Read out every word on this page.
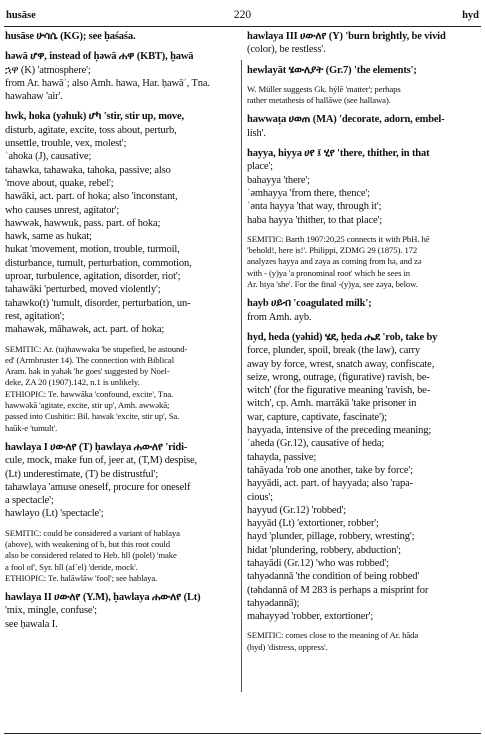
husāse	220	hyd
husāse ሁሳሴ (KG); see ḥaśaśa.
hǝwā ሆዋ, instead of ḥǝwā ሐዋ (KBT), ḫawā
ኋዋ (K) 'atmosphere';
from Ar. hawāʾ; also Amh. hawa, Har. ḥawāʾ, Tna.
hawahaw 'air'.
hwk, hoka (yǝhuk) ሆካ 'stir, stir up, move,
disturb, agitate, excite, toss about, perturb,
unsettle, trouble, vex, molest';
ʾahoka (J), causative;
tahawka, tahawaka, tahoka, passive; also
'move about, quake, rebel';
hawāki, act. part. of hoka; also 'inconstant,
who causes unrest, agitator';
hawwǝk, hawwuk, pass. part. of hoka;
hawk, same as hukat;
hukat 'movement, motion, trouble, turmoil,
disturbance, tumult, perturbation, commotion,
uproar, turbulence, agitation, disorder, riot';
tahawāki 'perturbed, moved violently';
tahawko(t) 'tumult, disorder, perturbation, un-
rest, agitation';
mahawǝk, māhawǝk, act. part. of hoka;
SEMITIC: Ar. (ta)hawwaka 'be stupefied, be astound-
ed' (Armbruster 14). The connection with Biblical
Aram. hǝk in yǝhǝk 'he goes' suggested by Noel-
deke, ZA 20 (1907).142, n.1 is unlikely.
ETHIOPIC: Te. hawwāka 'confound, excite', Tna.
hawwǝkā 'agitate, excite, stir up', Amh. awwǝkā;
passed into Cushitic: Bil. hawak 'excite, stir up', Sa.
haūk-e 'tumult'.
hawlaya I ሀውለየ (T) ḥawlaya ሐውለየ 'ridi-
cule, mock, make fun of, jeer at, (T,M) despise,
(Lt) underestimate, (T) be distrustful';
tahawlaya 'amuse oneself, procure for oneself
a spectacle';
hawlǝyo (Lt) 'spectacle';
SEMITIC: could be considered a variant of hablaya
(above), with weakening of b, but this root could
also be considered related to Heb. hll (polel) 'make
a fool of', Syr. hll (afʿel) 'deride, mock'.
ETHIOPIC: Te. halāwlāw 'fool'; see hablaya.
hawlaya II ሀውለየ (Y.M), ḥawlaya ሐውለየ (Lt)
'mix, mingle, confuse';
see ḥawala I.
hawlaya III ሀውለየ (Y) 'burn brightly, be vivid
(color), be restless'.
hewlayāt ሄውለያት (Gr.7) 'the elements';
W. Müller suggests Gk. hýlē 'matter'; perhaps
rather metathesis of hallāwe (see hallawa).
hawwaṭa ሀወጠ (MA) 'decorate, adorn, embel-
lish'.
hayya, hiyya ሀየ ፤ ሂየ 'there, thither, in that
place';
bahayya 'there';
ʾǝmhayya 'from there, thence';
ʾǝnta hayya 'that way, through it';
haba hayya 'thither, to that place';
SEMITIC: Barth 1907:20,25 connects it with PbH. hē
'behold!, here is!'. Philippi, ZDMG 29 (1875). 172
analyzes hayya and zǝya as coming from hǝ, and zǝ
with - (y)ya 'a pronominal root' which he sees in
Ar. hiya 'she'. For the final -(y)ya, see zǝya, below.
hayb ሀይብ 'coagulated milk';
from Amh. ayb.
hyd, heda (yǝhid) ሄደ, ḥeda ሔደ 'rob, take by
force, plunder, spoil, break (the law), carry
away by force, wrest, snatch away, confiscate,
seize, wrong, outrage, (figurative) ravish, be-
witch' (for the figurative meaning 'ravish, be-
witch', cp. Amh. marrākā 'take prisoner in
war, capture, captivate, fascinate');
hayyada, intensive of the preceding meaning;
ʾaheda (Gr.12), causative of heda;
tahayda, passive;
tahāyada 'rob one another, take by force';
hayyādi, act. part. of hayyada; also 'rapa-
cious';
hayyud (Gr.12) 'robbed';
hayyād (Lt) 'extortioner, robber';
hayd 'plunder, pillage, robbery, wresting';
hidat 'plundering, robbery, abduction';
tahayādi (Gr.12) 'who was robbed';
tahyǝdannā 'the condition of being robbed'
(tǝhdannā of M 283 is perhaps a misprint for
tahyǝdannā);
mahayyǝd 'robber, extortioner';
SEMITIC: comes close to the meaning of Ar. hāda
(hyd) 'distress, oppress'.
